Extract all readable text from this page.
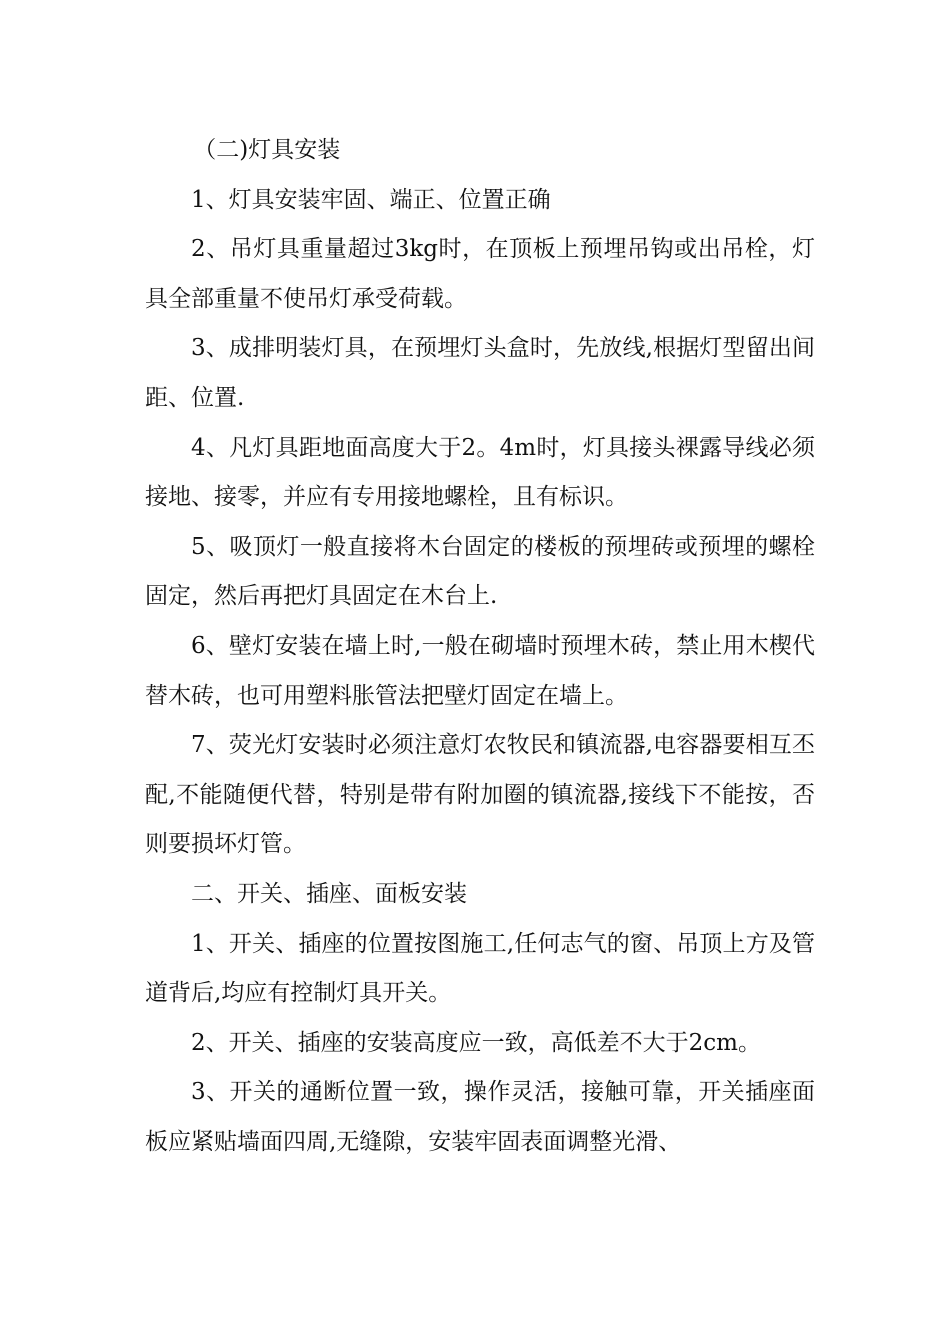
（二)灯具安装

1、灯具安装牢固、端正、位置正确

2、吊灯具重量超过3kg时，在顶板上预埋吊钩或出吊栓，灯具全部重量不使吊灯承受荷载。

3、成排明装灯具，在预埋灯头盒时，先放线,根据灯型留出间距、位置.

4、凡灯具距地面高度大于2。4m时，灯具接头裸露导线必须接地、接零，并应有专用接地螺栓，且有标识。

5、吸顶灯一般直接将木台固定的楼板的预埋砖或预埋的螺栓固定，然后再把灯具固定在木台上.

6、壁灯安装在墙上时,一般在砌墙时预埋木砖，禁止用木楔代替木砖，也可用塑料胀管法把壁灯固定在墙上。

7、荧光灯安装时必须注意灯农牧民和镇流器,电容器要相互丕配,不能随便代替，特别是带有附加圈的镇流器,接线下不能按，否则要损坏灯管。

二、开关、插座、面板安装

1、开关、插座的位置按图施工,任何志气的窗、吊顶上方及管道背后,均应有控制灯具开关。

2、开关、插座的安装高度应一致，高低差不大于2cm。

3、开关的通断位置一致，操作灵活，接触可靠，开关插座面板应紧贴墙面四周,无缝隙，安装牢固表面调整光滑、
